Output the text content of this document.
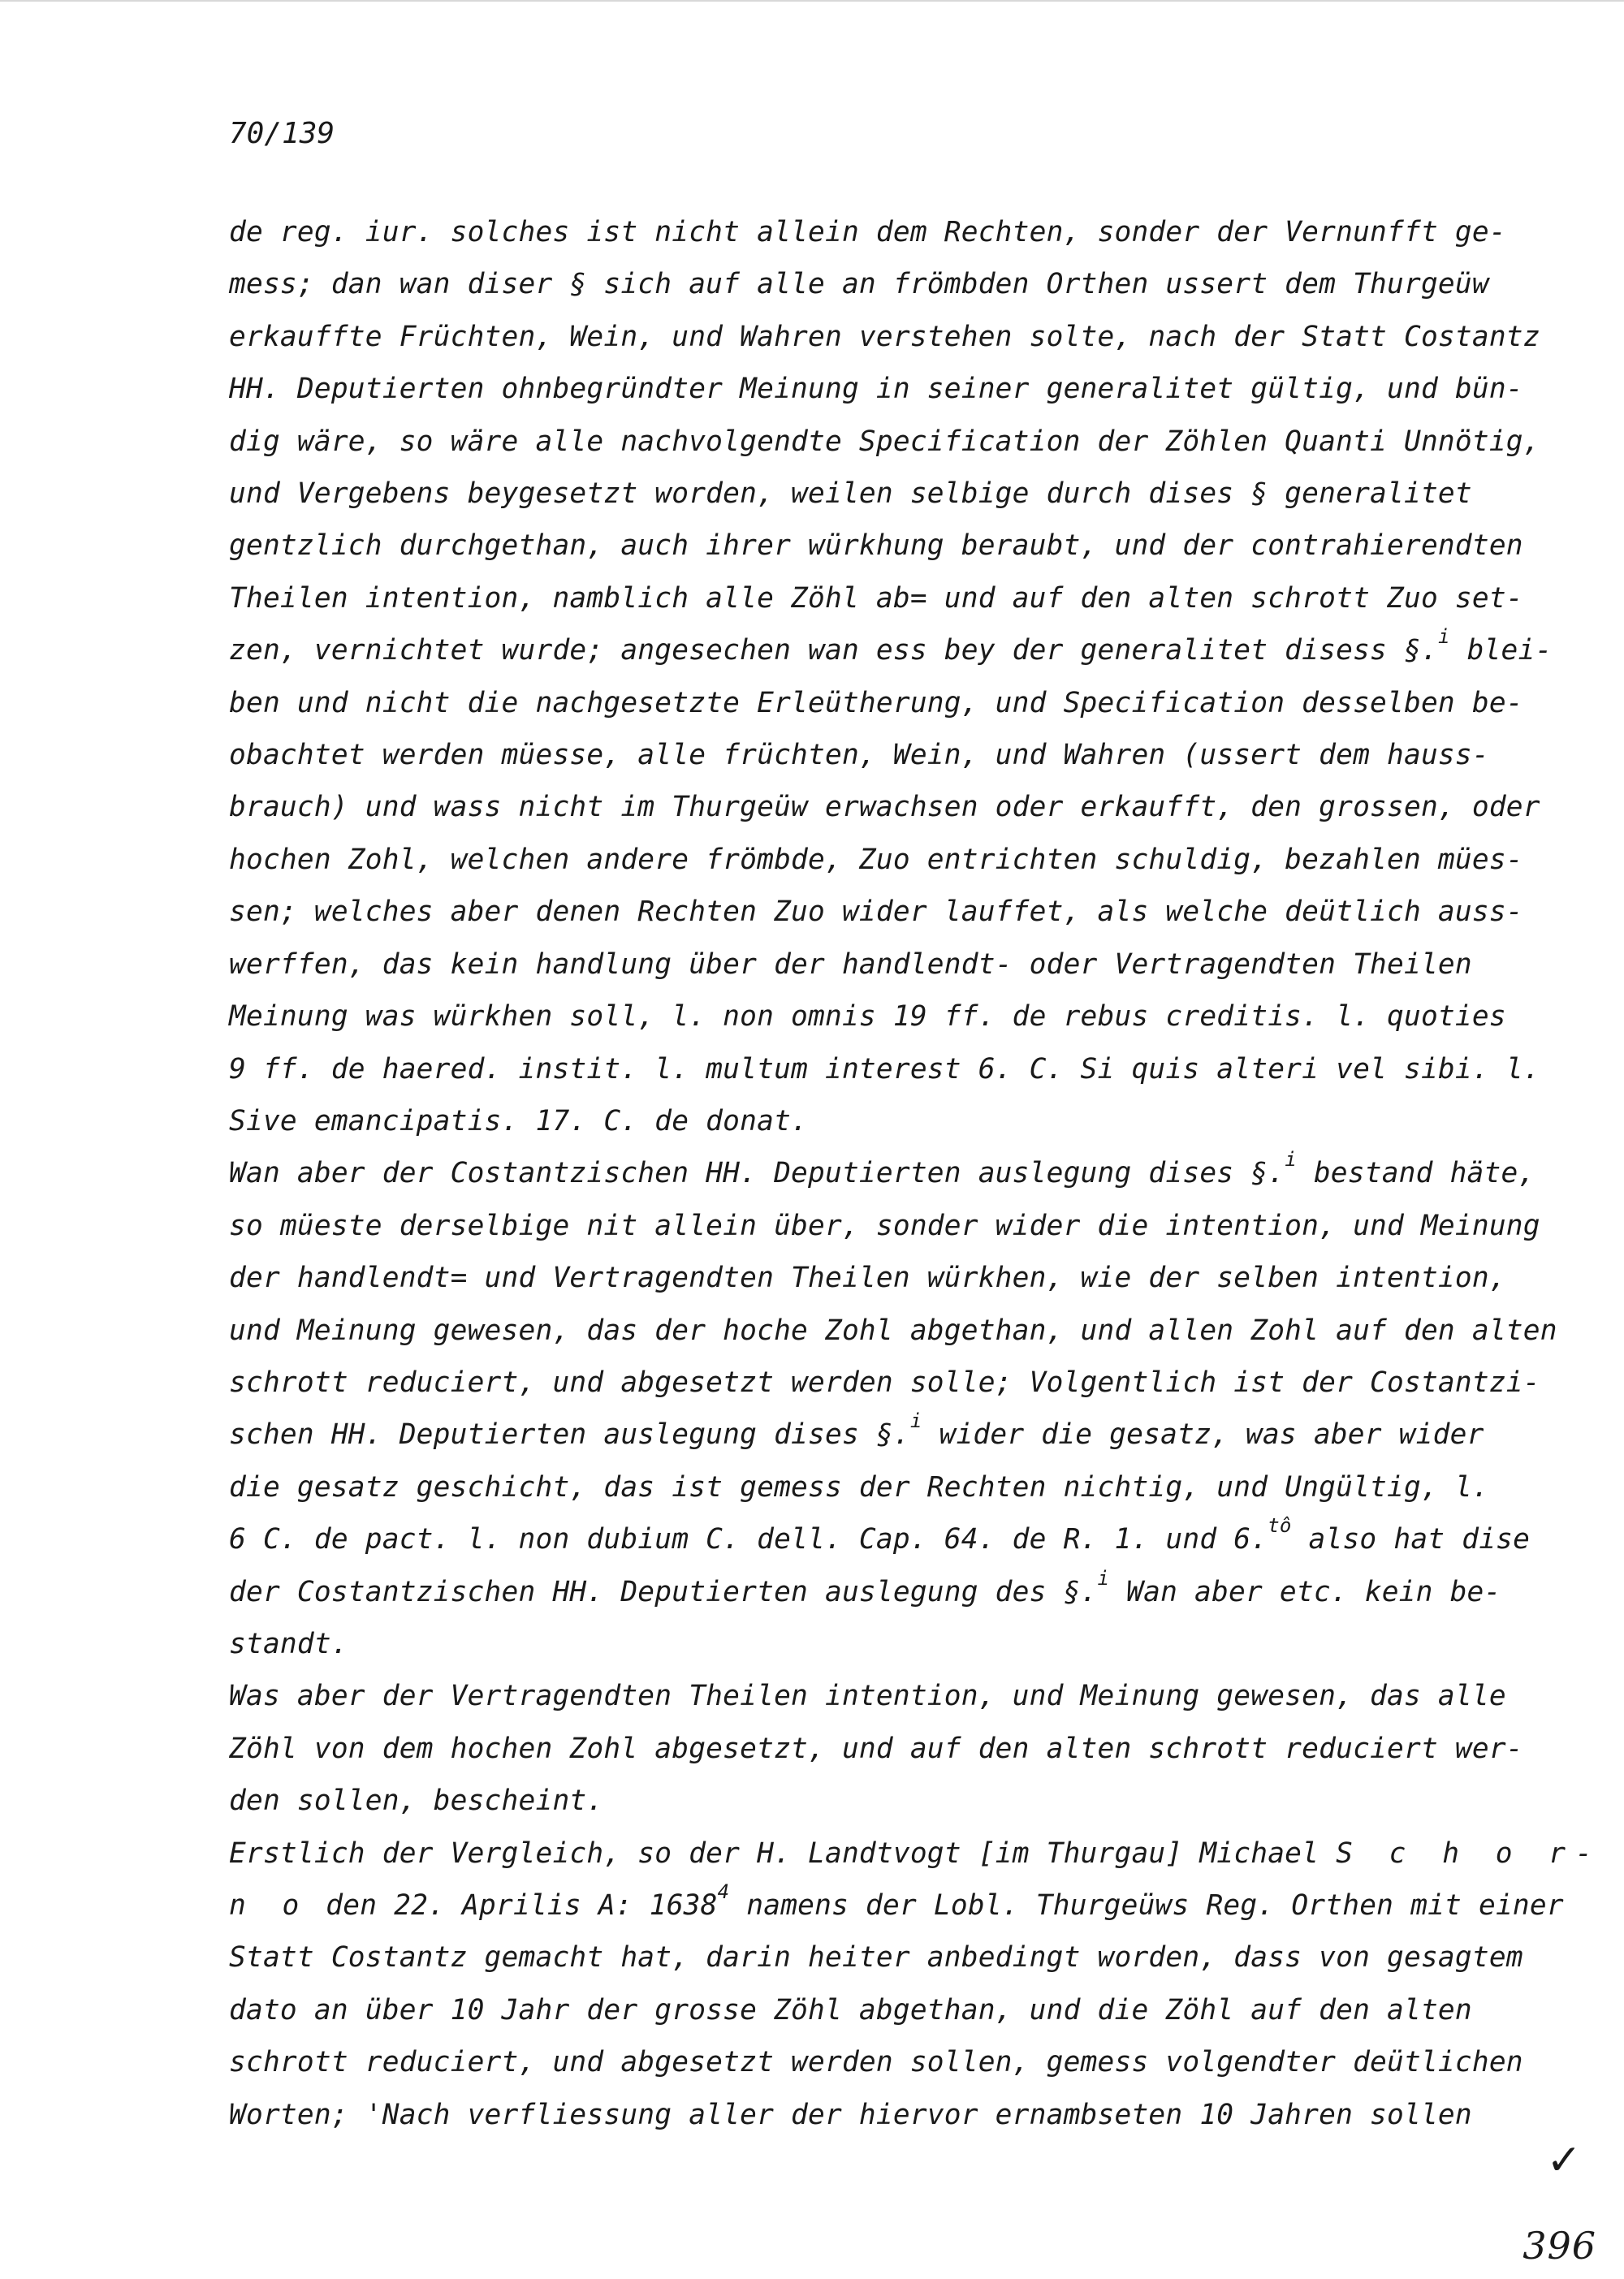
70/139
de reg. iur. solches ist nicht allein dem Rechten, sonder der Vernunfft ge-
mess; dan wan diser § sich auf alle an frömbden Orthen ussert dem Thurgeüw
erkauffte Früchten, Wein, und Wahren verstehen solte, nach der Statt Costantz
HH. Deputierten ohnbegründter Meinung in seiner generalitet gültig, und bün-
dig wäre, so wäre alle nachvolgendte Specification der Zöhlen Quanti Unnötig,
und Vergebens beygesetzt worden, weilen selbige durch dises § generalitet
gentzlich durchgethan, auch ihrer würkhung beraubt, und der contrahierendten
Theilen intention, namblich alle Zöhl ab= und auf den alten schrott Zuo set-
zen, vernichtet wurde; angesechen wan ess bey der generalitet disess §.$^i$ blei-
ben und nicht die nachgesetzte Erleütherung, und Specification desselben be-
obachtet werden müesse, alle früchten, Wein, und Wahren (ussert dem hauss-
brauch) und wass nicht im Thurgeüw erwachsen oder erkaufft, den grossen, oder
hochen Zohl, welchen andere frömbde, Zuo entrichten schuldig, bezahlen mües-
sen; welches aber denen Rechten Zuo wider lauffet, als welche deütlich auss-
werffen, das kein handlung über der handlendt- oder Vertragendten Theilen
Meinung was würkhen soll, l. non omnis 19 ff. de rebus creditis. l. quoties
9 ff. de haered. instit. l. multum interest 6. C. Si quis alteri vel sibi. l.
Sive emancipatis. 17. C. de donat.
Wan aber der Costantzischen HH. Deputierten auslegung dises §.$^i$ bestand häte,
so müeste derselbige nit allein über, sonder wider die intention, und Meinung
der handlendt= und Vertragendten Theilen würkhen, wie der selben intention,
und Meinung gewesen, das der hoche Zohl abgethan, und allen Zohl auf den alten
schrott reduciert, und abgesetzt werden solle; Volgentlich ist der Costantzi-
schen HH. Deputierten auslegung dises §.$^i$ wider die gesatz, was aber wider
die gesatz geschicht, das ist gemess der Rechten nichtig, und Ungültig, l.
6 C. de pact. l. non dubium C. dell. Cap. 64. de R. 1. und 6.$^{tô}$ also hat dise
der Costantzischen HH. Deputierten auslegung des §.$^i$ Wan aber etc. kein be-
standt.
Was aber der Vertragendten Theilen intention, und Meinung gewesen, das alle
Zöhl von dem hochen Zohl abgesetzt, und auf den alten schrott reduciert wer-
den sollen, bescheint.
Erstlich der Vergleich, so der H. Landtvogt [im Thurgau] Michael S c h o r-
n o den 22. Aprilis A: 1638$^4$ namens der Lobl. Thurgeüws Reg. Orthen mit einer
Statt Costantz gemacht hat, darin heiter anbedingt worden, dass von gesagtem
dato an über 10 Jahr der grosse Zöhl abgethan, und die Zöhl auf den alten
schrott reduciert, und abgesetzt werden sollen, gemess volgendter deütlichen
Worten; 'Nach verfliessung aller der hiervor ernambseten 10 Jahren sollen
✓
396
